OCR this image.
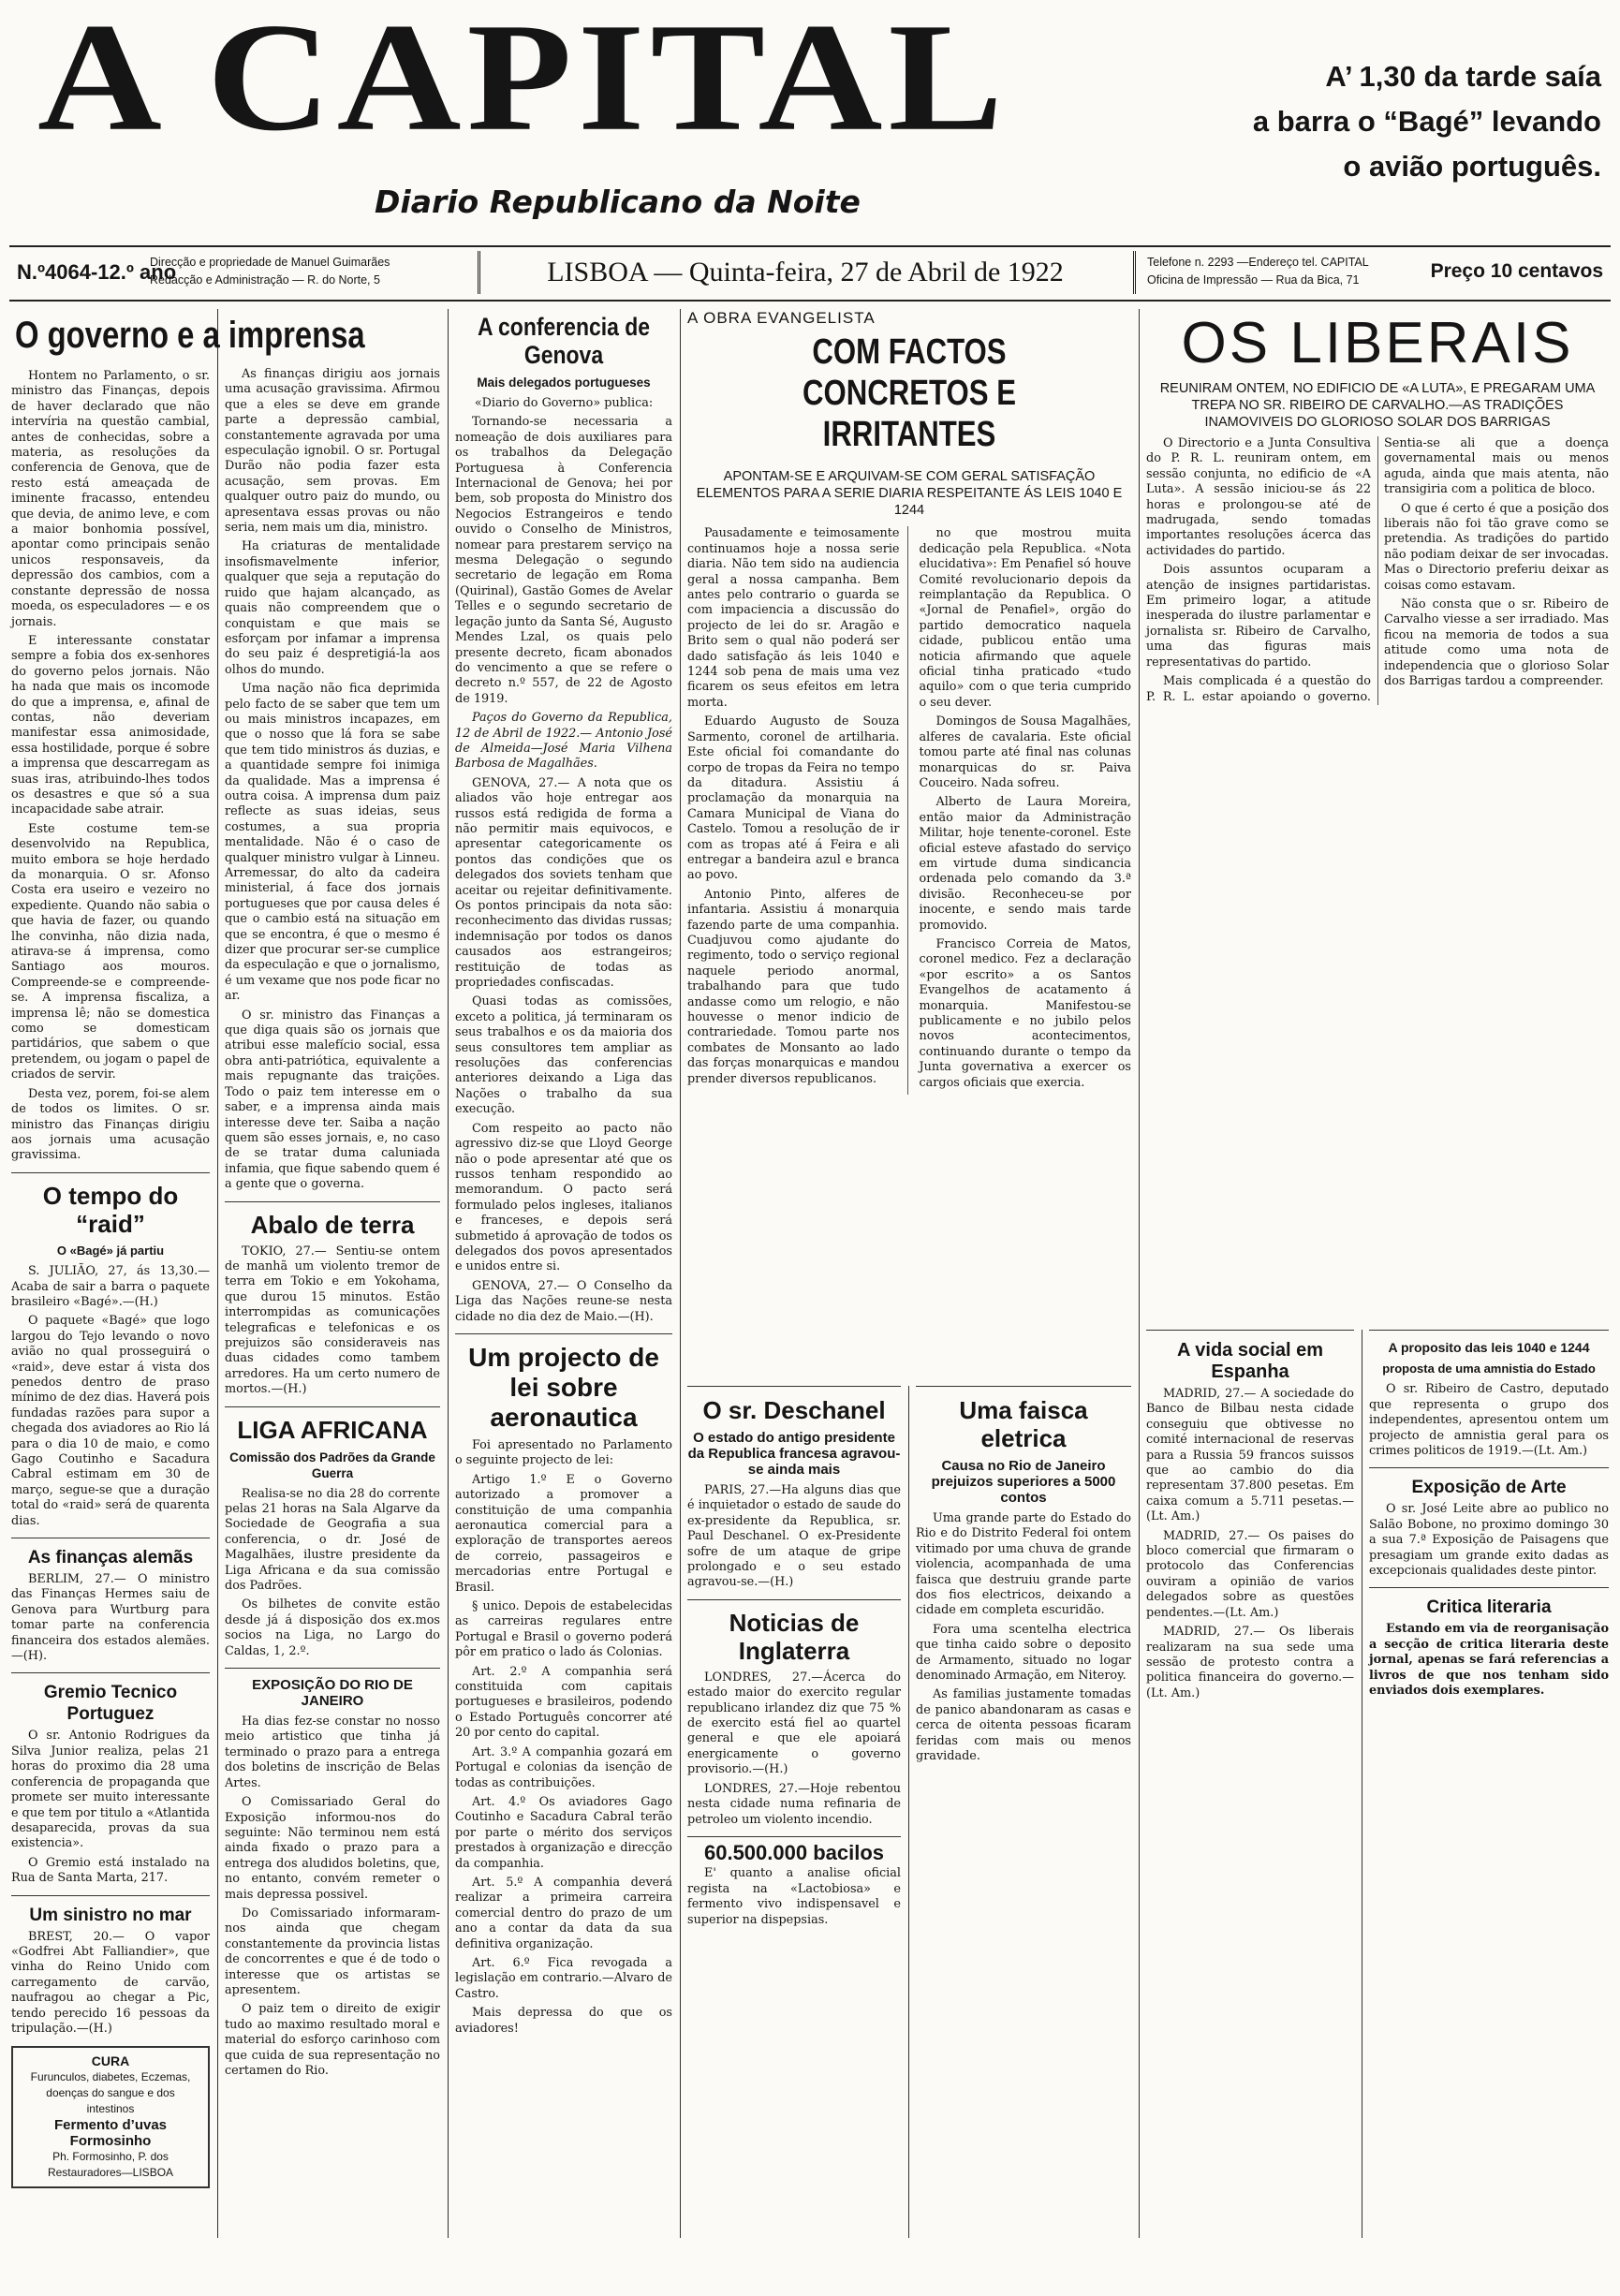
A CAPITAL
Diario Republicano da Noite
A’ 1,30 da tarde saía
a barra o “Bagé” levando
o avião português.
N.º4064-12.º ano
Direcção e propriedade de Manuel Guimarães
Redacção e Administração — R. do Norte, 5	LISBOA — Quinta-feira, 27 de Abril de 1922	Telefone n. 2293 —Endereço tel. CAPITAL
Oficina de Impressão — Rua da Bica, 71	Preço 10 centavos
O governo e a imprensa

Hontem no Parlamento, o sr. ministro das Finanças, depois de haver declarado que não intervíria na questão cambial, antes de conhecidas, sobre a materia, as resoluções da conferencia de Genova, que de resto está ameaçada de iminente fracasso, entendeu que devia, de animo leve, e com a maior bonhomia possível, apontar como principais senão unicos responsaveis, da depressão dos cambios, com a constante depressão de nossa moeda, os especuladores — e os jornais.

E interessante constatar sempre a fobia dos ex-senhores do governo pelos jornais. Não ha nada que mais os incomode do que a imprensa, e, afinal de contas, não deveriam manifestar essa animosidade, essa hostilidade, porque é sobre a imprensa que descarregam as suas iras, atribuindo-lhes todos os desastres e que só a sua incapacidade sabe atrair.

Este costume tem-se desenvolvido na Republica, muito embora se hoje herdado da monarquia. O sr. Afonso Costa era useiro e vezeiro no expediente. Quando não sabia o que havia de fazer, ou quando lhe convinha, não dizia nada, atirava-se á imprensa, como Santiago aos mouros. Compreende-se e compreende-se. A imprensa fiscaliza, a imprensa lê; não se domestica como se domesticam partidários, que sabem o que pretendem, ou jogam o papel de criados de servir.

Desta vez, porem, foi-se alem de todos os limites. O sr. ministro das Finanças dirigiu aos jornais uma acusação gravissima.

O tempo do “raid”
O «Bagé» já partiu

S. JULIÃO, 27, ás 13,30.— Acaba de sair a barra o paquete brasileiro «Bagé».—(H.)

O paquete «Bagé» que logo largou do Tejo levando o novo avião no qual prosseguirá o «raid», deve estar á vista dos penedos dentro de praso mínimo de dez dias. Haverá pois fundadas razões para supor a chegada dos aviadores ao Rio lá para o dia 10 de maio, e como Gago Coutinho e Sacadura Cabral estimam em 30 de março, segue-se que a duração total do «raid» será de quarenta dias.

As finanças alemãs

BERLIM, 27.— O ministro das Finanças Hermes saiu de Genova para Wurtburg para tomar parte na conferencia financeira dos estados alemães.—(H).

Gremio Tecnico Portuguez

O sr. Antonio Rodrigues da Silva Junior realiza, pelas 21 horas do proximo dia 28 uma conferencia de propaganda que promete ser muito interessante e que tem por titulo a «Atlantida desaparecida, provas da sua existencia».

O Gremio está instalado na Rua de Santa Marta, 217.

Um sinistro no mar

BREST, 20.— O vapor «Godfrei Abt Falliandier», que vinha do Reino Unido com carregamento de carvão, naufragou ao chegar a Pic, tendo perecido 16 pessoas da tripulação.—(H.)

CURA
Furunculos, diabetes, Eczemas, doenças do sangue e dos intestinos
Fermento d’uvas Formosinho
Ph. Formosinho, P. dos Restauradores—LISBOA

As finanças dirigiu aos jornais uma acusação gravissima. Afirmou que a eles se deve em grande parte a depressão cambial, constantemente agravada por uma especulação ignobil. O sr. Portugal Durão não podia fazer esta acusação, sem provas. Em qualquer outro paiz do mundo, ou apresentava essas provas ou não seria, nem mais um dia, ministro.

Ha criaturas de mentalidade insofismavelmente inferior, qualquer que seja a reputação do ruido que hajam alcançado, as quais não compreendem que o conquistam e que mais se esforçam por infamar a imprensa do seu paiz é despretigiá-la aos olhos do mundo.

Uma nação não fica deprimida pelo facto de se saber que tem um ou mais ministros incapazes, em que o nosso que lá fora se sabe que tem tido ministros ás duzias, e a quantidade sempre foi inimiga da qualidade. Mas a imprensa é outra coisa. A imprensa dum paiz reflecte as suas ideias, seus costumes, a sua propria mentalidade. Não é o caso de qualquer ministro vulgar à Linneu. Arremessar, do alto da cadeira ministerial, á face dos jornais portugueses que por causa deles é que o cambio está na situação em que se encontra, é que o mesmo é dizer que procurar ser-se cumplice da especulação e que o jornalismo, é um vexame que nos pode ficar no ar.

O sr. ministro das Finanças a que diga quais são os jornais que atribui esse malefício social, essa obra anti-patriótica, equivalente a mais repugnante das traições. Todo o paiz tem interesse em o saber, e a imprensa ainda mais interesse deve ter. Saiba a nação quem são esses jornais, e, no caso de se tratar duma caluniada infamia, que fique sabendo quem é a gente que o governa.

Abalo de terra

TOKIO, 27.— Sentiu-se ontem de manhã um violento tremor de terra em Tokio e em Yokohama, que durou 15 minutos. Estão interrompidas as comunicações telegraficas e telefonicas e os prejuizos são consideraveis nas duas cidades como tambem arredores. Ha um certo numero de mortos.—(H.)

LIGA AFRICANA
Comissão dos Padrões da Grande Guerra

Realisa-se no dia 28 do corrente pelas 21 horas na Sala Algarve da Sociedade de Geografia a sua conferencia, o dr. José de Magalhães, ilustre presidente da Liga Africana e da sua comissão dos Padrões.

Os bilhetes de convite estão desde já á disposição dos ex.mos socios na Liga, no Largo do Caldas, 1, 2.º.

EXPOSIÇÃO DO RIO DE JANEIRO

Ha dias fez-se constar no nosso meio artistico que tinha já terminado o prazo para a entrega dos boletins de inscrição de Belas Artes.

O Comissariado Geral do Exposição informou-nos do seguinte: Não terminou nem está ainda fixado o prazo para a entrega dos aludidos boletins, que, no entanto, convém remeter o mais depressa possivel.

Do Comissariado informaram-nos ainda que chegam constantemente da provincia listas de concorrentes e que é de todo o interesse que os artistas se apresentem.

O paiz tem o direito de exigir tudo ao maximo resultado moral e material do esforço carinhoso com que cuida de sua representação no certamen do Rio.

A conferencia de Genova
Mais delegados portugueses

«Diario do Governo» publica:

Tornando-se necessaria a nomeação de dois auxiliares para os trabalhos da Delegação Portuguesa à Conferencia Internacional de Genova; hei por bem, sob proposta do Ministro dos Negocios Estrangeiros e tendo ouvido o Conselho de Ministros, nomear para prestarem serviço na mesma Delegação o segundo secretario de legação em Roma (Quirinal), Gastão Gomes de Avelar Telles e o segundo secretario de legação junto da Santa Sé, Augusto Mendes Lzal, os quais pelo presente decreto, ficam abonados do vencimento a que se refere o decreto n.º 557, de 22 de Agosto de 1919.

Paços do Governo da Republica, 12 de Abril de 1922.— Antonio José de Almeida—José Maria Vilhena Barbosa de Magalhães.

GENOVA, 27.— A nota que os aliados vão hoje entregar aos russos está redigida de forma a não permitir mais equivocos, e apresentar categoricamente os pontos das condições que os delegados dos soviets tenham que aceitar ou rejeitar definitivamente. Os pontos principais da nota são: reconhecimento das dividas russas; indemnisação por todos os danos causados aos estrangeiros; restituição de todas as propriedades confiscadas.

Quasi todas as comissões, exceto a politica, já terminaram os seus trabalhos e os da maioria dos seus consultores tem ampliar as resoluções das conferencias anteriores deixando a Liga das Nações o trabalho da sua execução.

Com respeito ao pacto não agressivo diz-se que Lloyd George não o pode apresentar até que os russos tenham respondido ao memorandum. O pacto será formulado pelos ingleses, italianos e franceses, e depois será submetido á aprovação de todos os delegados dos povos apresentados e unidos entre si.

GENOVA, 27.— O Conselho da Liga das Nações reune-se nesta cidade no dia dez de Maio.—(H).

Um projecto de lei sobre aeronautica

Foi apresentado no Parlamento o seguinte projecto de lei:

Artigo 1.º E o Governo autorizado a promover a constituição de uma companhia aeronautica comercial para a exploração de transportes aereos de correio, passageiros e mercadorias entre Portugal e Brasil.

§ unico. Depois de estabelecidas as carreiras regulares entre Portugal e Brasil o governo poderá pôr em pratico o lado ás Colonias.

Art. 2.º A companhia será constituida com capitais portugueses e brasileiros, podendo o Estado Português concorrer até 20 por cento do capital.

Art. 3.º A companhia gozará em Portugal e colonias da isenção de todas as contribuições.

Art. 4.º Os aviadores Gago Coutinho e Sacadura Cabral terão por parte o mérito dos serviços prestados à organização e direcção da companhia.

Art. 5.º A companhia deverá realizar a primeira carreira comercial dentro do prazo de um ano a contar da data da sua definitiva organização.

Art. 6.º Fica revogada a legislação em contrario.—Alvaro de Castro.

Mais depressa do que os aviadores!

A OBRA EVANGELISTA
COM FACTOS CONCRETOS E IRRITANTES
APONTAM-SE E ARQUIVAM-SE COM GERAL SATISFAÇÃO ELEMENTOS PARA A SERIE DIARIA RESPEITANTE ÁS LEIS 1040 E 1244

Pausadamente e teimosamente continuamos hoje a nossa serie diaria. Não tem sido na audiencia geral a nossa campanha. Bem antes pelo contrario o guarda se com impaciencia a discussão do projecto de lei do sr. Aragão e Brito sem o qual não poderá ser dado satisfação ás leis 1040 e 1244 sob pena de mais uma vez ficarem os seus efeitos em letra morta.

Eduardo Augusto de Souza Sarmento, coronel de artilharia. Este oficial foi comandante do corpo de tropas da Feira no tempo da ditadura. Assistiu á proclamação da monarquia na Camara Municipal de Viana do Castelo. Tomou a resolução de ir com as tropas até á Feira e ali entregar a bandeira azul e branca ao povo.

Antonio Pinto, alferes de infantaria. Assistiu á monarquia fazendo parte de uma companhia. Cuadjuvou como ajudante do regimento, todo o serviço regional naquele periodo anormal, trabalhando para que tudo andasse como um relogio, e não houvesse o menor indicio de contrariedade. Tomou parte nos combates de Monsanto ao lado das forças monarquicas e mandou prender diversos republicanos.

no que mostrou muita dedicação pela Republica. «Nota elucidativa»: Em Penafiel só houve Comité revolucionario depois da reimplantação da Republica. O «Jornal de Penafiel», orgão do partido democratico naquela cidade, publicou então uma noticia afirmando que aquele oficial tinha praticado «tudo aquilo» com o que teria cumprido o seu dever.

Domingos de Sousa Magalhães, alferes de cavalaria. Este oficial tomou parte até final nas colunas monarquicas do sr. Paiva Couceiro. Nada sofreu.

Alberto de Laura Moreira, então maior da Administração Militar, hoje tenente-coronel. Este oficial esteve afastado do serviço em virtude duma sindicancia ordenada pelo comando da 3.ª divisão. Reconheceu-se por inocente, e sendo mais tarde promovido.

Francisco Correia de Matos, coronel medico. Fez a declaração «por escrito» a os Santos Evangelhos de acatamento á monarquia. Manifestou-se publicamente e no jubilo pelos novos acontecimentos, continuando durante o tempo da Junta governativa a exercer os cargos oficiais que exercia.

O sr. Deschanel
O estado do antigo presidente da Republica francesa agravou-se ainda mais

PARIS, 27.—Ha alguns dias que é inquietador o estado de saude do ex-presidente da Republica, sr. Paul Deschanel. O ex-Presidente sofre de um ataque de gripe prolongado e o seu estado agravou-se.—(H.)

Noticias de Inglaterra

LONDRES, 27.—Ácerca do estado maior do exercito regular republicano irlandez diz que 75 % de exercito está fiel ao quartel general e que ele apoiará energicamente o governo provisorio.—(H.)

LONDRES, 27.—Hoje rebentou nesta cidade numa refinaria de petroleo um violento incendio.

60.500.000 bacilos

E' quanto a analise oficial regista na «Lactobiosa» e fermento vivo indispensavel e superior na dispepsias.

Uma faisca eletrica
Causa no Rio de Janeiro prejuizos superiores a 5000 contos

Uma grande parte do Estado do Rio e do Distrito Federal foi ontem vitimado por uma chuva de grande violencia, acompanhada de uma faisca que destruiu grande parte dos fios electricos, deixando a cidade em completa escuridão.

Fora uma scentelha electrica que tinha caido sobre o deposito de Armamento, situado no logar denominado Armação, em Niteroy.

As familias justamente tomadas de panico abandonaram as casas e cerca de oitenta pessoas ficaram feridas com mais ou menos gravidade.

OS LIBERAIS
REUNIRAM ONTEM, NO EDIFICIO DE «A LUTA», E PREGARAM UMA TREPA NO SR. RIBEIRO DE CARVALHO.—AS TRADIÇÕES INAMOVIVEIS DO GLORIOSO SOLAR DOS BARRIGAS

O Directorio e a Junta Consultiva do P. R. L. reuniram ontem, em sessão conjunta, no edificio de «A Luta». A sessão iniciou-se ás 22 horas e prolongou-se até de madrugada, sendo tomadas importantes resoluções ácerca das actividades do partido.

Dois assuntos ocuparam a atenção de insignes partidaristas. Em primeiro logar, a atitude inesperada do ilustre parlamentar e jornalista sr. Ribeiro de Carvalho, uma das figuras mais representativas do partido.

Mais complicada é a questão do P. R. L. estar apoiando o governo. Sentia-se ali que a doença governamental mais ou menos aguda, ainda que mais atenta, não transigiria com a politica de bloco.

O que é certo é que a posição dos liberais não foi tão grave como se pretendia. As tradições do partido não podiam deixar de ser invocadas. Mas o Directorio preferiu deixar as coisas como estavam.

Não consta que o sr. Ribeiro de Carvalho viesse a ser irradiado. Mas ficou na memoria de todos a sua atitude como uma nota de independencia que o glorioso Solar dos Barrigas tardou a compreender.

A vida social em Espanha

MADRID, 27.— A sociedade do Banco de Bilbau nesta cidade conseguiu que obtivesse no comité internacional de reservas para a Russia 59 francos suissos que ao cambio do dia representam 37.800 pesetas. Em caixa comum a 5.711 pesetas.—(Lt. Am.)

MADRID, 27.— Os paises do bloco comercial que firmaram o protocolo das Conferencias ouviram a opinião de varios delegados sobre as questões pendentes.—(Lt. Am.)

MADRID, 27.— Os liberais realizaram na sua sede uma sessão de protesto contra a politica financeira do governo.—(Lt. Am.)

A proposito das leis 1040 e 1244
proposta de uma amnistia do Estado

O sr. Ribeiro de Castro, deputado que representa o grupo dos independentes, apresentou ontem um projecto de amnistia geral para os crimes politicos de 1919.—(Lt. Am.)

Exposição de Arte

O sr. José Leite abre ao publico no Salão Bobone, no proximo domingo 30 a sua 7.ª Exposição de Paisagens que presagiam um grande exito dadas as excepcionais qualidades deste pintor.

Critica literaria

Estando em via de reorganisação a secção de critica literaria deste jornal, apenas se fará referencias a livros de que nos tenham sido enviados dois exemplares.
